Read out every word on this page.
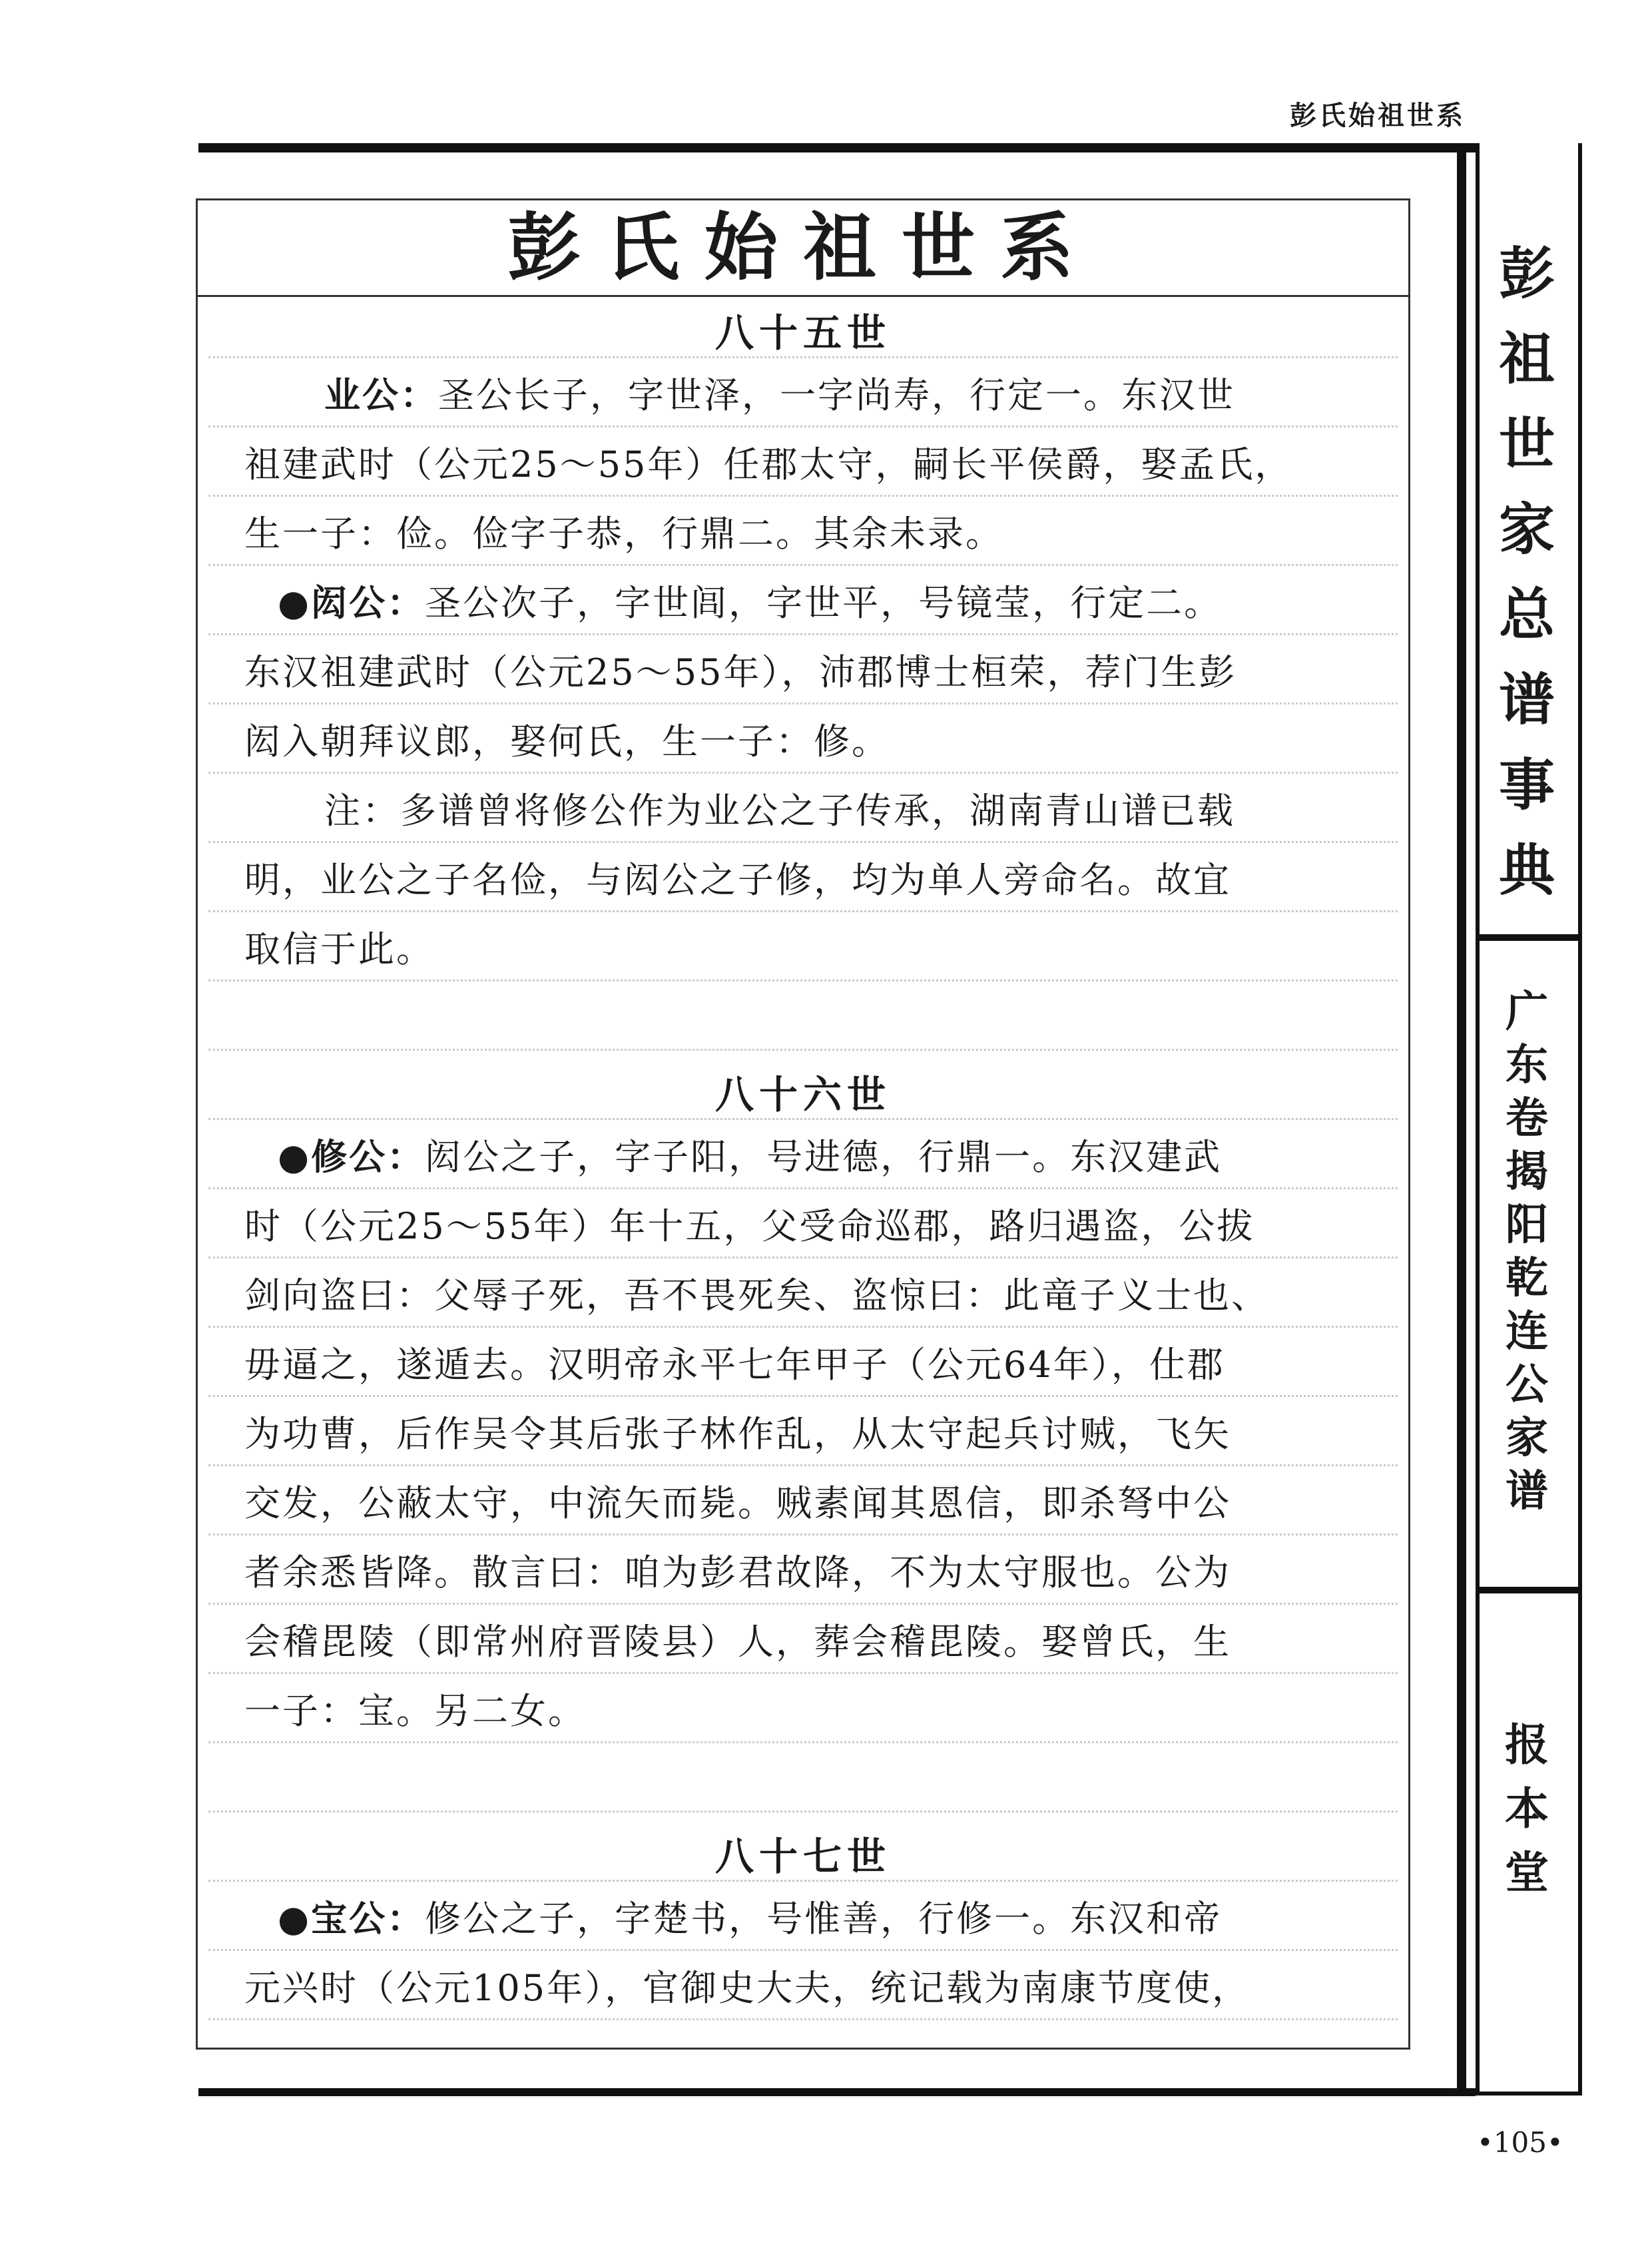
彭氏始祖世系
彭
祖
世
家
总
谱
事
典
广
东
卷
揭
阳
乾
连
公
家
谱
报
本
堂
彭氏始祖世系
八十五世
业公：圣公长子，字世泽，一字尚寿，行定一。东汉世
祖建武时（公元25～55年）任郡太守，嗣长平侯爵，娶孟氏，
生一子：俭。俭字子恭，行鼎二。其余未录。
●闳公：圣公次子，字世闾，字世平，号镜莹，行定二。
东汉祖建武时（公元25～55年），沛郡博士桓荣，荐门生彭
闳入朝拜议郎，娶何氏，生一子：修。
注：多谱曾将修公作为业公之子传承，湖南青山谱已载
明，业公之子名俭，与闳公之子修，均为单人旁命名。故宜
取信于此。
八十六世
●修公：闳公之子，字子阳，号进德，行鼎一。东汉建武
时（公元25～55年）年十五，父受命巡郡，路归遇盗，公拔
剑向盗曰：父辱子死，吾不畏死矣、盗惊曰：此竜子义士也、
毋逼之，遂遁去。汉明帝永平七年甲子（公元64年），仕郡
为功曹，后作吴令其后张子林作乱，从太守起兵讨贼，飞矢
交发，公蔽太守，中流矢而毙。贼素闻其恩信，即杀弩中公
者余悉皆降。散言曰：咱为彭君故降，不为太守服也。公为
会稽毘陵（即常州府晋陵县）人，葬会稽毘陵。娶曾氏，生
一子：宝。另二女。
八十七世
●宝公：修公之子，字楚书，号惟善，行修一。东汉和帝
元兴时（公元105年），官御史大夫，统记载为南康节度使，
•105•
